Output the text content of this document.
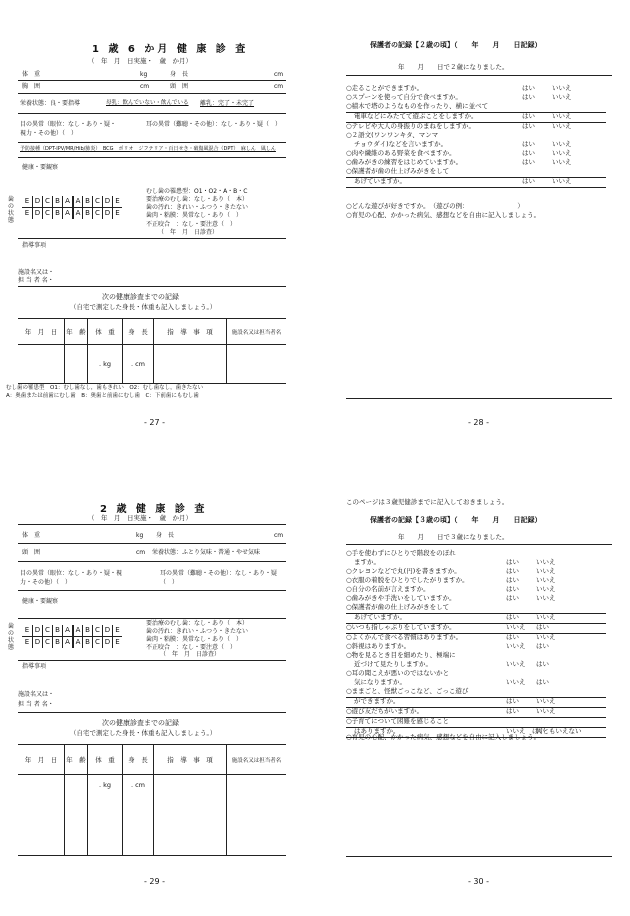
1 歳 6 か月 健 康 診 査
（　年　月　日実施・　歳　か月）
体　重	kg	身　長	cm
胸　囲	cm	頭　囲	cm
栄養状態：良・要指導	母乳：飲んでいない・飲んでいる 離乳：完了・未完了
目の異常（眼位：なし・あり・疑・視力・その他）（　）
耳の異常（難聴・その他）：なし・あり・疑（　）
予防接種（DPT-IPV/MR/Hib/肺炎）　BCG　ポリオ　ジフテリア・百日せき・破傷風混合（DPT）　麻しん　風しん
健康・要観察
歯の状態
E D C B A A B C D E
E D C B A A B C D E
むし歯の罹患型：O1・O2・A・B・C
要治療のむし歯：なし・あり（　本）
歯の汚れ：きれい・ふつう・きたない
歯肉・粘膜：異常なし・あり（　）
不正咬合　：なし・要注意（　）
（　年　月　日診査）
指導事項
施設名又は・
担 当 者 名・
次の健康診査までの記録
（自宅で測定した身長・体重も記入しましょう。）
年　月　日	年　齢	体　重	身　長	指　導　事　項	施設名又は担当者名
		. kg	. cm		
むし歯の罹患型　O1：むし歯なし，歯もきれい　O2：むし歯なし，歯きたない
A：奥歯または前歯にむし歯　B：奥歯と前歯にむし歯　C：下前歯にもむし歯
- 27 -
保護者の記録【２歳の頃】（　　年　　月　　日記録）
年　　月　　日で２歳になりました。
○走ることができますか。	はい	いいえ
○スプーンを使って自分で食べますか。	はい	いいえ
○積木で塔のようなものを作ったり、横に並べて
電車などにみたてて遊ぶことをしますか。	はい	いいえ
○テレビや大人の身振りのまねをしますか。	はい	いいえ
○２語文(ワンワンキタ、マンマ
チョウダイ)などを言いますか。	はい	いいえ
○肉や繊維のある野菜を食べますか。	はい	いいえ
○歯みがきの練習をはじめていますか。	はい	いいえ
○保護者が歯の仕上げみがきをして
あげていますか。	はい	いいえ
○どんな遊びが好きですか。　（遊びの例：　　　　　　　　）
○育児の心配、かかった病気、感想などを自由に記入しましょう。
- 28 -
2 歳 健 康 診 査
（　年　月　日実施・　歳　か月）
体　重	kg 身　長	cm
頭　囲	cm 栄養状態：ふとり気味・普通・やせ気味
目の異常（眼位：なし・あり・疑・視力・その他）（　）
耳の異常（難聴・その他）：なし・あり・疑（　）
健康・要観察
歯の状態
E D C B A A B C D E
E D C B A A B C D E
要治療のむし歯：なし・あり（　本）
歯の汚れ：きれい・ふつう・きたない
歯肉・粘膜：異常なし・あり（　）
不正咬合　：なし・要注意（　）
（　年　月　日診査）
指導事項
施設名又は・
担 当 者 名・
次の健康診査までの記録
（自宅で測定した身長・体重も記入しましょう。）
年　月　日	年　齢	体　重	身　長	指　導　事　項	施設名又は担当者名
		. kg	. cm		
- 29 -
このページは３歳児健診までに記入しておきましょう。
保護者の記録【３歳の頃】（　　年　　月　　日記録）
年　　月　　日で３歳になりました。
○手を使わずにひとりで階段をのぼれ
ますか。	はい	いいえ
○クレヨンなどで丸(円)を書きますか。	はい	いいえ
○衣服の着脱をひとりでしたがりますか。	はい	いいえ
○自分の名前が言えますか。	はい	いいえ
○歯みがきや手洗いをしていますか。	はい	いいえ
○保護者が歯の仕上げみがきをして
あげていますか。	はい	いいえ
○いつも指しゃぶりをしていますか。	いいえ はい
○よくかんで食べる習慣はありますか。	はい	いいえ
○斜視はありますか。	いいえ はい
○物を見るとき目を細めたり、極端に
近づけて見たりしますか。	いいえ はい
○耳の聞こえが悪いのではないかと
気になりますか。	いいえ はい
○ままごと、怪獣ごっこなど、ごっこ遊び
ができますか。	はい	いいえ
○遊び友だちがいますか。	はい	いいえ
○子育てについて困難を感じること
はありますか。	いいえ　はい
何ともいえない
○育児の心配、かかった病気、感想などを自由に記入しましょう。
- 30 -
